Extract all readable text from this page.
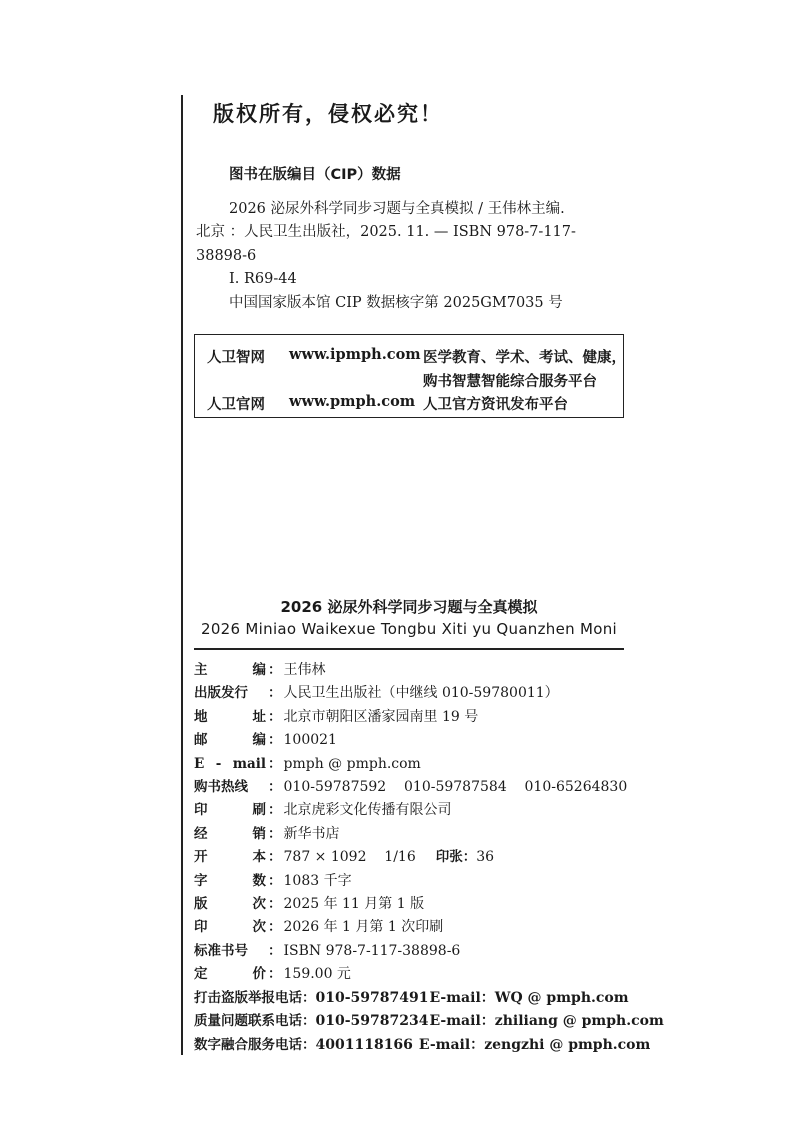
版权所有，侵权必究！
图书在版编目（CIP）数据
2026 泌尿外科学同步习题与全真模拟 / 王伟林主编.
北京 ：人民卫生出版社，2025. 11. — ISBN 978-7-117-
38898-6
Ⅰ. R69-44
中国国家版本馆 CIP 数据核字第 2025GM7035 号
人卫智网 www.ipmph.com 医学教育、学术、考试、健康，
购书智慧智能综合服务平台
人卫官网 www.pmph.com 人卫官方资讯发布平台
2026 泌尿外科学同步习题与全真模拟
2026 Miniao Waikexue Tongbu Xiti yu Quanzhen Moni
主	编 ： 王伟林
出版发行 ： 人民卫生出版社（中继线 010-59780011）
地	址 ： 北京市朝阳区潘家园南里 19 号
邮	编 ： 100021
E - mail ： pmph @ pmph.com
购书热线 ： 010-59787592    010-59787584    010-65264830
印	刷 ： 北京虎彩文化传播有限公司
经	销 ： 新华书店
开	本 ： 787 × 1092    1/16 印张：36
字	数 ： 1083 千字
版	次 ： 2025 年 11 月第 1 版
印	次 ： 2026 年 1 月第 1 次印刷
标准书号 ： ISBN 978-7-117-38898-6
定	价 ： 159.00 元
打击盗版举报电话： 010-59787491 E-mail： WQ @ pmph.com
质量问题联系电话： 010-59787234 E-mail： zhiliang @ pmph.com
数字融合服务电话： 4001118166 E-mail： zengzhi @ pmph.com
